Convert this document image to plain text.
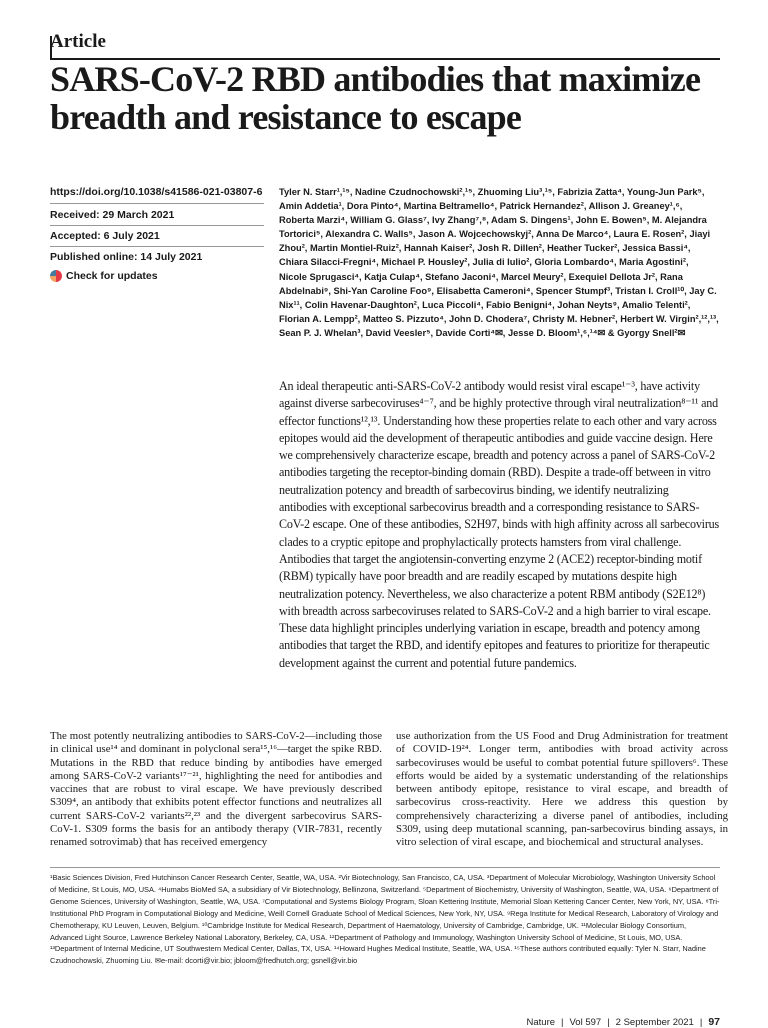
Article
SARS-CoV-2 RBD antibodies that maximize breadth and resistance to escape
https://doi.org/10.1038/s41586-021-03807-6
Received: 29 March 2021
Accepted: 6 July 2021
Published online: 14 July 2021
Check for updates
Tyler N. Starr¹,¹⁵, Nadine Czudnochowski²,¹⁵, Zhuoming Liu³,¹⁵, Fabrizia Zatta⁴, Young-Jun Park⁵, Amin Addetia¹, Dora Pinto⁴, Martina Beltramello⁴, Patrick Hernandez², Allison J. Greaney¹,⁶, Roberta Marzi⁴, William G. Glass⁷, Ivy Zhang⁷,⁸, Adam S. Dingens¹, John E. Bowen⁵, M. Alejandra Tortorici⁵, Alexandra C. Walls⁵, Jason A. Wojcechowskyj², Anna De Marco⁴, Laura E. Rosen², Jiayi Zhou², Martin Montiel-Ruiz², Hannah Kaiser², Josh R. Dillen², Heather Tucker², Jessica Bassi⁴, Chiara Silacci-Fregni⁴, Michael P. Housley², Julia di Iulio², Gloria Lombardo⁴, Maria Agostini², Nicole Sprugasci⁴, Katja Culap⁴, Stefano Jaconi⁴, Marcel Meury², Exequiel Dellota Jr², Rana Abdelnabi⁹, Shi-Yan Caroline Foo⁹, Elisabetta Cameroni⁴, Spencer Stumpf³, Tristan I. Croll¹⁰, Jay C. Nix¹¹, Colin Havenar-Daughton², Luca Piccoli⁴, Fabio Benigni⁴, Johan Neyts⁹, Amalio Telenti², Florian A. Lempp², Matteo S. Pizzuto⁴, John D. Chodera⁷, Christy M. Hebner², Herbert W. Virgin²,¹²,¹³, Sean P. J. Whelan³, David Veesler⁵, Davide Corti⁴✉, Jesse D. Bloom¹,⁶,¹⁴✉ & Gyorgy Snell²✉

An ideal therapeutic anti-SARS-CoV-2 antibody would resist viral escape¹⁻³, have activity against diverse sarbecoviruses⁴⁻⁷, and be highly protective through viral neutralization⁸⁻¹¹ and effector functions¹²,¹³. Understanding how these properties relate to each other and vary across epitopes would aid the development of therapeutic antibodies and guide vaccine design. Here we comprehensively characterize escape, breadth and potency across a panel of SARS-CoV-2 antibodies targeting the receptor-binding domain (RBD). Despite a trade-off between in vitro neutralization potency and breadth of sarbecovirus binding, we identify neutralizing antibodies with exceptional sarbecovirus breadth and a corresponding resistance to SARS-CoV-2 escape. One of these antibodies, S2H97, binds with high affinity across all sarbecovirus clades to a cryptic epitope and prophylactically protects hamsters from viral challenge. Antibodies that target the angiotensin-converting enzyme 2 (ACE2) receptor-binding motif (RBM) typically have poor breadth and are readily escaped by mutations despite high neutralization potency. Nevertheless, we also characterize a potent RBM antibody (S2E12⁸) with breadth across sarbecoviruses related to SARS-CoV-2 and a high barrier to viral escape. These data highlight principles underlying variation in escape, breadth and potency among antibodies that target the RBD, and identify epitopes and features to prioritize for therapeutic development against the current and potential future pandemics.

The most potently neutralizing antibodies to SARS-CoV-2—including those in clinical use¹⁴ and dominant in polyclonal sera¹⁵,¹⁶—target the spike RBD. Mutations in the RBD that reduce binding by antibodies have emerged among SARS-CoV-2 variants¹⁷⁻²¹, highlighting the need for antibodies and vaccines that are robust to viral escape. We have previously described S309⁴, an antibody that exhibits potent effector functions and neutralizes all current SARS-CoV-2 variants²²,²³ and the divergent sarbecovirus SARS-CoV-1. S309 forms the basis for an antibody therapy (VIR-7831, recently renamed sotrovimab) that has received emergency

use authorization from the US Food and Drug Administration for treatment of COVID-19²⁴. Longer term, antibodies with broad activity across sarbecoviruses would be useful to combat potential future spillovers⁶. These efforts would be aided by a systematic understanding of the relationships between antibody epitope, resistance to viral escape, and breadth of sarbecovirus cross-reactivity. Here we address this question by comprehensively characterizing a diverse panel of antibodies, including S309, using deep mutational scanning, pan-sarbecovirus binding assays, in vitro selection of viral escape, and biochemical and structural analyses.

¹Basic Sciences Division, Fred Hutchinson Cancer Research Center, Seattle, WA, USA. ²Vir Biotechnology, San Francisco, CA, USA. ³Department of Molecular Microbiology, Washington University School of Medicine, St Louis, MO, USA. ⁴Humabs BioMed SA, a subsidiary of Vir Biotechnology, Bellinzona, Switzerland. ⁵Department of Biochemistry, University of Washington, Seattle, WA, USA. ⁶Department of Genome Sciences, University of Washington, Seattle, WA, USA. ⁷Computational and Systems Biology Program, Sloan Kettering Institute, Memorial Sloan Kettering Cancer Center, New York, NY, USA. ⁸Tri-Institutional PhD Program in Computational Biology and Medicine, Weill Cornell Graduate School of Medical Sciences, New York, NY, USA. ⁹Rega Institute for Medical Research, Laboratory of Virology and Chemotherapy, KU Leuven, Leuven, Belgium. ¹⁰Cambridge Institute for Medical Research, Department of Haematology, University of Cambridge, Cambridge, UK. ¹¹Molecular Biology Consortium, Advanced Light Source, Lawrence Berkeley National Laboratory, Berkeley, CA, USA. ¹²Department of Pathology and Immunology, Washington University School of Medicine, St Louis, MO, USA. ¹³Department of Internal Medicine, UT Southwestern Medical Center, Dallas, TX, USA. ¹⁴Howard Hughes Medical Institute, Seattle, WA, USA. ¹⁵These authors contributed equally: Tyler N. Starr, Nadine Czudnochowski, Zhuoming Liu. ✉e-mail: dcorti@vir.bio; jbloom@fredhutch.org; gsnell@vir.bio

Nature | Vol 597 | 2 September 2021 | 97
